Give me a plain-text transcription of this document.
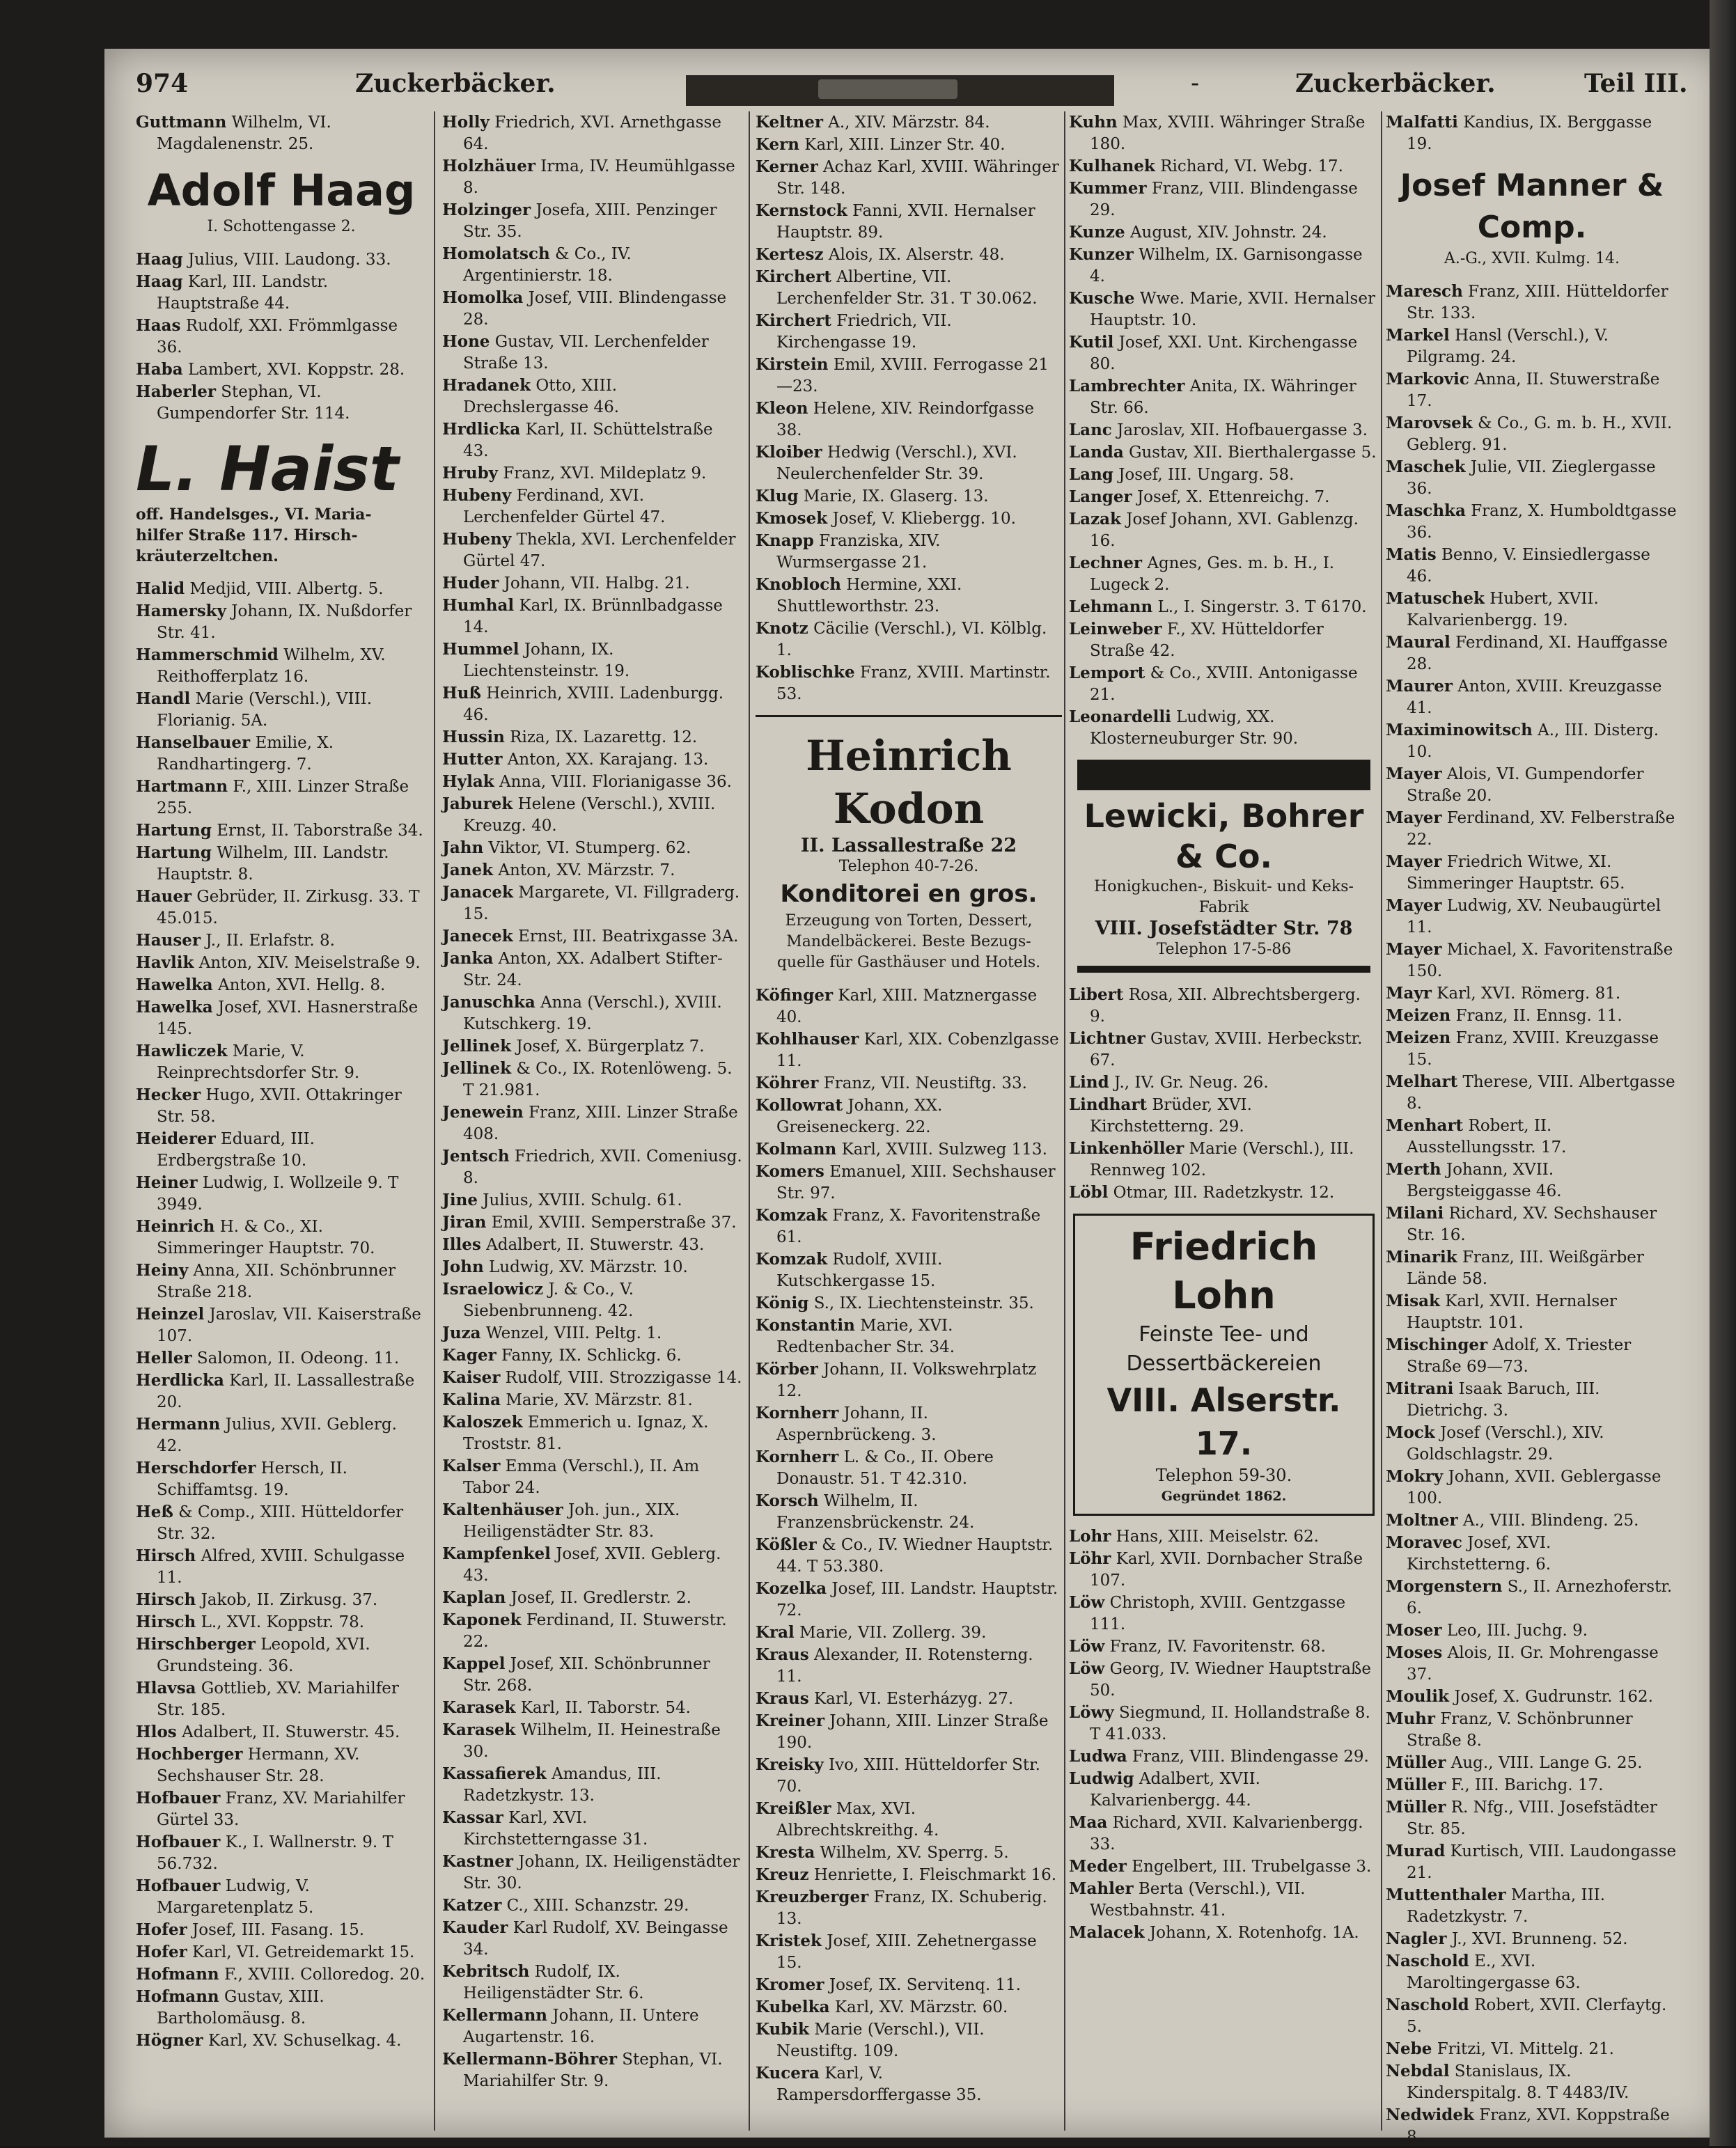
974	Zuckerbäcker.	-	Zuckerbäcker.	Teil III.

Guttmann Wilhelm, VI. Magdalenenstr. 25.

Adolf Haag
I. Schottengasse 2.

Haag Julius, VIII. Laudong. 33.

Haag Karl, III. Landstr. Hauptstraße 44.

Haas Rudolf, XXI. Frömmlgasse 36.

Haba Lambert, XVI. Koppstr. 28.

Haberler Stephan, VI. Gumpendorfer Str. 114.

L. Haist
off. Handelsges., VI. Maria-
hilfer Straße 117. Hirsch-
kräuterzeltchen.

Halid Medjid, VIII. Albertg. 5.

Hamersky Johann, IX. Nußdorfer Str. 41.

Hammerschmid Wilhelm, XV. Reithofferplatz 16.

Handl Marie (Verschl.), VIII. Florianig. 5A.

Hanselbauer Emilie, X. Randhartingerg. 7.

Hartmann F., XIII. Linzer Straße 255.

Hartung Ernst, II. Taborstraße 34.

Hartung Wilhelm, III. Landstr. Hauptstr. 8.

Hauer Gebrüder, II. Zirkusg. 33. T 45.015.

Hauser J., II. Erlafstr. 8.

Havlik Anton, XIV. Meiselstraße 9.

Hawelka Anton, XVI. Hellg. 8.

Hawelka Josef, XVI. Hasnerstraße 145.

Hawliczek Marie, V. Reinprechtsdorfer Str. 9.

Hecker Hugo, XVII. Ottakringer Str. 58.

Heiderer Eduard, III. Erdbergstraße 10.

Heiner Ludwig, I. Wollzeile 9. T 3949.

Heinrich H. & Co., XI. Simmeringer Hauptstr. 70.

Heiny Anna, XII. Schönbrunner Straße 218.

Heinzel Jaroslav, VII. Kaiserstraße 107.

Heller Salomon, II. Odeong. 11.

Herdlicka Karl, II. Lassallestraße 20.

Hermann Julius, XVII. Geblerg. 42.

Herschdorfer Hersch, II. Schiffamtsg. 19.

Heß & Comp., XIII. Hütteldorfer Str. 32.

Hirsch Alfred, XVIII. Schulgasse 11.

Hirsch Jakob, II. Zirkusg. 37.

Hirsch L., XVI. Koppstr. 78.

Hirschberger Leopold, XVI. Grundsteing. 36.

Hlavsa Gottlieb, XV. Mariahilfer Str. 185.

Hlos Adalbert, II. Stuwerstr. 45.

Hochberger Hermann, XV. Sechshauser Str. 28.

Hofbauer Franz, XV. Mariahilfer Gürtel 33.

Hofbauer K., I. Wallnerstr. 9. T 56.732.

Hofbauer Ludwig, V. Margaretenplatz 5.

Hofer Josef, III. Fasang. 15.

Hofer Karl, VI. Getreidemarkt 15.

Hofmann F., XVIII. Colloredog. 20.

Hofmann Gustav, XIII. Bartholomäusg. 8.

Högner Karl, XV. Schuselkag. 4.

Holly Friedrich, XVI. Arnethgasse 64.

Holzhäuer Irma, IV. Heumühlgasse 8.

Holzinger Josefa, XIII. Penzinger Str. 35.

Homolatsch & Co., IV. Argentinierstr. 18.

Homolka Josef, VIII. Blindengasse 28.

Hone Gustav, VII. Lerchenfelder Straße 13.

Hradanek Otto, XIII. Drechslergasse 46.

Hrdlicka Karl, II. Schüttelstraße 43.

Hruby Franz, XVI. Mildeplatz 9.

Hubeny Ferdinand, XVI. Lerchenfelder Gürtel 47.

Hubeny Thekla, XVI. Lerchenfelder Gürtel 47.

Huder Johann, VII. Halbg. 21.

Humhal Karl, IX. Brünnlbadgasse 14.

Hummel Johann, IX. Liechtensteinstr. 19.

Huß Heinrich, XVIII. Ladenburgg. 46.

Hussin Riza, IX. Lazarettg. 12.

Hutter Anton, XX. Karajang. 13.

Hylak Anna, VIII. Florianigasse 36.

Jaburek Helene (Verschl.), XVIII. Kreuzg. 40.

Jahn Viktor, VI. Stumperg. 62.

Janek Anton, XV. Märzstr. 7.

Janacek Margarete, VI. Fillgraderg. 15.

Janecek Ernst, III. Beatrixgasse 3A.

Janka Anton, XX. Adalbert Stifter-Str. 24.

Januschka Anna (Verschl.), XVIII. Kutschkerg. 19.

Jellinek Josef, X. Bürgerplatz 7.

Jellinek & Co., IX. Rotenlöweng. 5. T 21.981.

Jenewein Franz, XIII. Linzer Straße 408.

Jentsch Friedrich, XVII. Comeniusg. 8.

Jine Julius, XVIII. Schulg. 61.

Jiran Emil, XVIII. Semperstraße 37.

Illes Adalbert, II. Stuwerstr. 43.

John Ludwig, XV. Märzstr. 10.

Israelowicz J. & Co., V. Siebenbrunneng. 42.

Juza Wenzel, VIII. Peltg. 1.

Kager Fanny, IX. Schlickg. 6.

Kaiser Rudolf, VIII. Strozzigasse 14.

Kalina Marie, XV. Märzstr. 81.

Kaloszek Emmerich u. Ignaz, X. Troststr. 81.

Kalser Emma (Verschl.), II. Am Tabor 24.

Kaltenhäuser Joh. jun., XIX. Heiligenstädter Str. 83.

Kampfenkel Josef, XVII. Geblerg. 43.

Kaplan Josef, II. Gredlerstr. 2.

Kaponek Ferdinand, II. Stuwerstr. 22.

Kappel Josef, XII. Schönbrunner Str. 268.

Karasek Karl, II. Taborstr. 54.

Karasek Wilhelm, II. Heinestraße 30.

Kassafierek Amandus, III. Radetzkystr. 13.

Kassar Karl, XVI. Kirchstetterngasse 31.

Kastner Johann, IX. Heiligenstädter Str. 30.

Katzer C., XIII. Schanzstr. 29.

Kauder Karl Rudolf, XV. Beingasse 34.

Kebritsch Rudolf, IX. Heiligenstädter Str. 6.

Kellermann Johann, II. Untere Augartenstr. 16.

Kellermann-Böhrer Stephan, VI. Mariahilfer Str. 9.

Keltner A., XIV. Märzstr. 84.

Kern Karl, XIII. Linzer Str. 40.

Kerner Achaz Karl, XVIII. Währinger Str. 148.

Kernstock Fanni, XVII. Hernalser Hauptstr. 89.

Kertesz Alois, IX. Alserstr. 48.

Kirchert Albertine, VII. Lerchenfelder Str. 31. T 30.062.

Kirchert Friedrich, VII. Kirchengasse 19.

Kirstein Emil, XVIII. Ferrogasse 21—23.

Kleon Helene, XIV. Reindorfgasse 38.

Kloiber Hedwig (Verschl.), XVI. Neulerchenfelder Str. 39.

Klug Marie, IX. Glaserg. 13.

Kmosek Josef, V. Kliebergg. 10.

Knapp Franziska, XIV. Wurmsergasse 21.

Knobloch Hermine, XXI. Shuttleworthstr. 23.

Knotz Cäcilie (Verschl.), VI. Kölblg. 1.

Koblischke Franz, XVIII. Martinstr. 53.

Heinrich Kodon
II. Lassallestraße 22
Telephon 40-7-26.
Konditorei en gros.
Erzeugung von Torten, Dessert,
Mandelbäckerei. Beste Bezugs-
quelle für Gasthäuser und Hotels.

Köfinger Karl, XIII. Matznergasse 40.

Kohlhauser Karl, XIX. Cobenzlgasse 11.

Köhrer Franz, VII. Neustiftg. 33.

Kollowrat Johann, XX. Greiseneckerg. 22.

Kolmann Karl, XVIII. Sulzweg 113.

Komers Emanuel, XIII. Sechshauser Str. 97.

Komzak Franz, X. Favoritenstraße 61.

Komzak Rudolf, XVIII. Kutschkergasse 15.

König S., IX. Liechtensteinstr. 35.

Konstantin Marie, XVI. Redtenbacher Str. 34.

Körber Johann, II. Volkswehrplatz 12.

Kornherr Johann, II. Aspernbrückeng. 3.

Kornherr L. & Co., II. Obere Donaustr. 51. T 42.310.

Korsch Wilhelm, II. Franzensbrückenstr. 24.

Kößler & Co., IV. Wiedner Hauptstr. 44. T 53.380.

Kozelka Josef, III. Landstr. Hauptstr. 72.

Kral Marie, VII. Zollerg. 39.

Kraus Alexander, II. Rotensterng. 11.

Kraus Karl, VI. Esterházyg. 27.

Kreiner Johann, XIII. Linzer Straße 190.

Kreisky Ivo, XIII. Hütteldorfer Str. 70.

Kreißler Max, XVI. Albrechtskreithg. 4.

Kresta Wilhelm, XV. Sperrg. 5.

Kreuz Henriette, I. Fleischmarkt 16.

Kreuzberger Franz, IX. Schuberig. 13.

Kristek Josef, XIII. Zehetnergasse 15.

Kromer Josef, IX. Servitenq. 11.

Kubelka Karl, XV. Märzstr. 60.

Kubik Marie (Verschl.), VII. Neustiftg. 109.

Kucera Karl, V. Rampersdorffergasse 35.

Kuhn Max, XVIII. Währinger Straße 180.

Kulhanek Richard, VI. Webg. 17.

Kummer Franz, VIII. Blindengasse 29.

Kunze August, XIV. Johnstr. 24.

Kunzer Wilhelm, IX. Garnisongasse 4.

Kusche Wwe. Marie, XVII. Hernalser Hauptstr. 10.

Kutil Josef, XXI. Unt. Kirchengasse 80.

Lambrechter Anita, IX. Währinger Str. 66.

Lanc Jaroslav, XII. Hofbauergasse 3.

Landa Gustav, XII. Bierthalergasse 5.

Lang Josef, III. Ungarg. 58.

Langer Josef, X. Ettenreichg. 7.

Lazak Josef Johann, XVI. Gablenzg. 16.

Lechner Agnes, Ges. m. b. H., I. Lugeck 2.

Lehmann L., I. Singerstr. 3. T 6170.

Leinweber F., XV. Hütteldorfer Straße 42.

Lemport & Co., XVIII. Antonigasse 21.

Leonardelli Ludwig, XX. Klosterneuburger Str. 90.

Lewicki, Bohrer
& Co.
Honigkuchen-, Biskuit- und Keks-
Fabrik
VIII. Josefstädter Str. 78
Telephon 17-5-86

Libert Rosa, XII. Albrechtsbergerg. 9.

Lichtner Gustav, XVIII. Herbeckstr. 67.

Lind J., IV. Gr. Neug. 26.

Lindhart Brüder, XVI. Kirchstetterng. 29.

Linkenhöller Marie (Verschl.), III. Rennweg 102.

Löbl Otmar, III. Radetzkystr. 12.

Friedrich Lohn
Feinste Tee- und
Dessertbäckereien
VIII. Alserstr. 17.
Telephon 59-30.
Gegründet 1862.

Lohr Hans, XIII. Meiselstr. 62.

Löhr Karl, XVII. Dornbacher Straße 107.

Löw Christoph, XVIII. Gentzgasse 111.

Löw Franz, IV. Favoritenstr. 68.

Löw Georg, IV. Wiedner Hauptstraße 50.

Löwy Siegmund, II. Hollandstraße 8. T 41.033.

Ludwa Franz, VIII. Blindengasse 29.

Ludwig Adalbert, XVII. Kalvarienbergg. 44.

Maa Richard, XVII. Kalvarienbergg. 33.

Meder Engelbert, III. Trubelgasse 3.

Mahler Berta (Verschl.), VII. Westbahnstr. 41.

Malacek Johann, X. Rotenhofg. 1A.

Malfatti Kandius, IX. Berggasse 19.

Josef Manner & Comp.
A.-G., XVII. Kulmg. 14.

Maresch Franz, XIII. Hütteldorfer Str. 133.

Markel Hansl (Verschl.), V. Pilgramg. 24.

Markovic Anna, II. Stuwerstraße 17.

Marovsek & Co., G. m. b. H., XVII. Geblerg. 91.

Maschek Julie, VII. Zieglergasse 36.

Maschka Franz, X. Humboldtgasse 36.

Matis Benno, V. Einsiedlergasse 46.

Matuschek Hubert, XVII. Kalvarienbergg. 19.

Maural Ferdinand, XI. Hauffgasse 28.

Maurer Anton, XVIII. Kreuzgasse 41.

Maximinowitsch A., III. Disterg. 10.

Mayer Alois, VI. Gumpendorfer Straße 20.

Mayer Ferdinand, XV. Felberstraße 22.

Mayer Friedrich Witwe, XI. Simmeringer Hauptstr. 65.

Mayer Ludwig, XV. Neubaugürtel 11.

Mayer Michael, X. Favoritenstraße 150.

Mayr Karl, XVI. Römerg. 81.

Meizen Franz, II. Ennsg. 11.

Meizen Franz, XVIII. Kreuzgasse 15.

Melhart Therese, VIII. Albertgasse 8.

Menhart Robert, II. Ausstellungsstr. 17.

Merth Johann, XVII. Bergsteiggasse 46.

Milani Richard, XV. Sechshauser Str. 16.

Minarik Franz, III. Weißgärber Lände 58.

Misak Karl, XVII. Hernalser Hauptstr. 101.

Mischinger Adolf, X. Triester Straße 69—73.

Mitrani Isaak Baruch, III. Dietrichg. 3.

Mock Josef (Verschl.), XIV. Goldschlagstr. 29.

Mokry Johann, XVII. Geblergasse 100.

Moltner A., VIII. Blindeng. 25.

Moravec Josef, XVI. Kirchstetterng. 6.

Morgenstern S., II. Arnezhoferstr. 6.

Moser Leo, III. Juchg. 9.

Moses Alois, II. Gr. Mohrengasse 37.

Moulik Josef, X. Gudrunstr. 162.

Muhr Franz, V. Schönbrunner Straße 8.

Müller Aug., VIII. Lange G. 25.

Müller F., III. Barichg. 17.

Müller R. Nfg., VIII. Josefstädter Str. 85.

Murad Kurtisch, VIII. Laudongasse 21.

Muttenthaler Martha, III. Radetzkystr. 7.

Nagler J., XVI. Brunneng. 52.

Naschold E., XVI. Maroltingergasse 63.

Naschold Robert, XVII. Clerfaytg. 5.

Nebe Fritzi, VI. Mittelg. 21.

Nebdal Stanislaus, IX. Kinderspitalg. 8. T 4483/IV.

Nedwidek Franz, XVI. Koppstraße 8.
